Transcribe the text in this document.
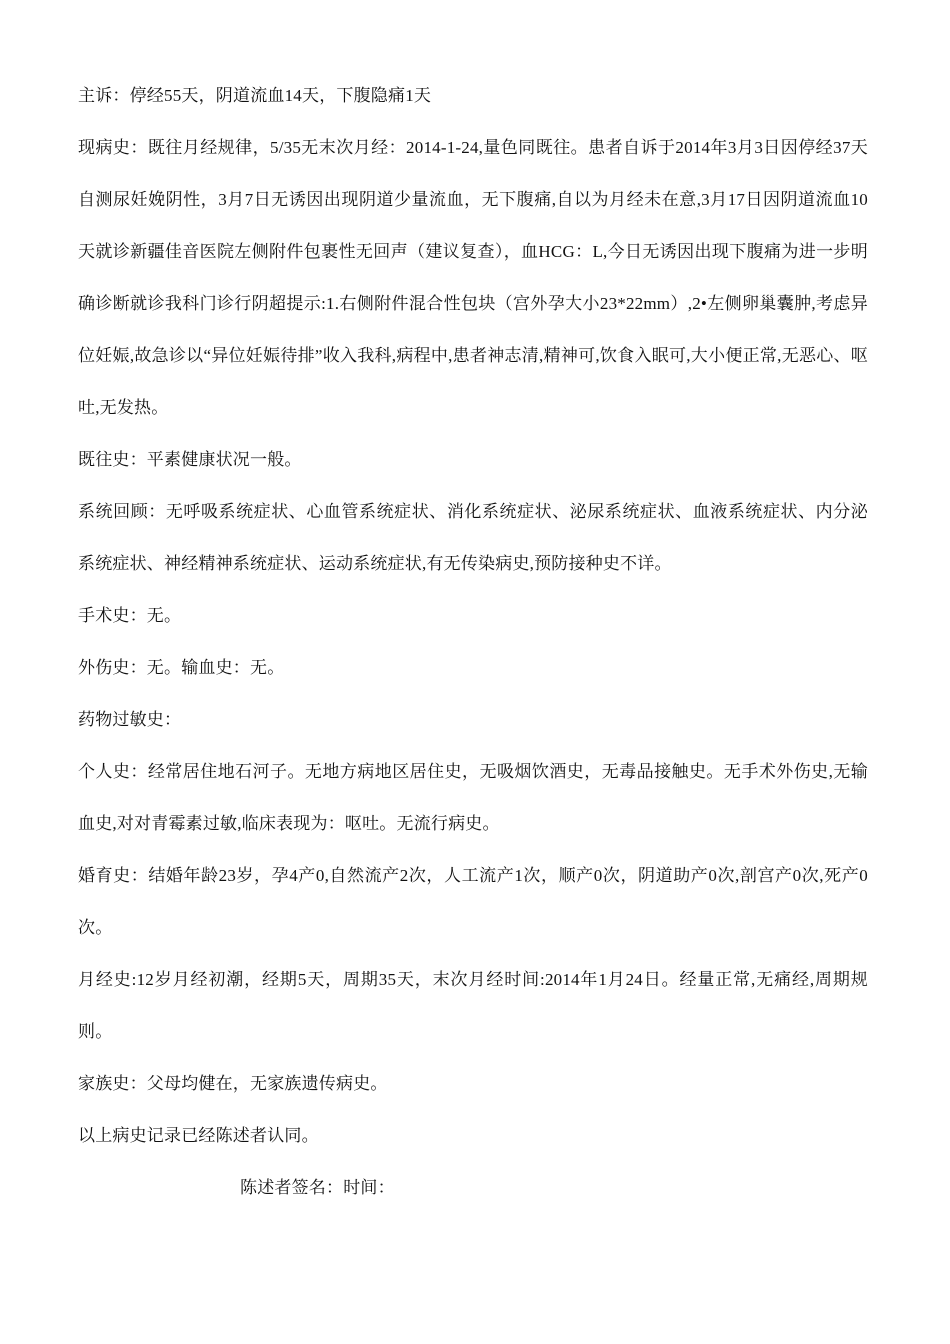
主诉：停经55天，阴道流血14天，下腹隐痛1天

现病史：既往月经规律，5/35无末次月经：2014-1-24,量色同既往。患者自诉于2014年3月3日因停经37天自测尿妊娩阴性，3月7日无诱因出现阴道少量流血，无下腹痛,自以为月经未在意,3月17日因阴道流血10天就诊新疆佳音医院左侧附件包裹性无回声（建议复查），血HCG：L,今日无诱因出现下腹痛为进一步明确诊断就诊我科门诊行阴超提示:1.右侧附件混合性包块（宫外孕大小23*22mm）,2•左侧卵巢囊肿,考虑异位妊娠,故急诊以“异位妊娠待排”收入我科,病程中,患者神志清,精神可,饮食入眠可,大小便正常,无恶心、呕吐,无发热。

既往史：平素健康状况一般。

系统回顾：无呼吸系统症状、心血管系统症状、消化系统症状、泌尿系统症状、血液系统症状、内分泌系统症状、神经精神系统症状、运动系统症状,有无传染病史,预防接种史不详。

手术史：无。

外伤史：无。输血史：无。

药物过敏史：

个人史：经常居住地石河子。无地方病地区居住史，无吸烟饮酒史，无毒品接触史。无手术外伤史,无输血史,对对青霉素过敏,临床表现为：呕吐。无流行病史。

婚育史：结婚年龄23岁，孕4产0,自然流产2次，人工流产1次，顺产0次，阴道助产0次,剖宫产0次,死产0次。

月经史:12岁月经初潮，经期5天，周期35天，末次月经时间:2014年1月24日。经量正常,无痛经,周期规则。

家族史：父母均健在，无家族遗传病史。

以上病史记录已经陈述者认同。

陈述者签名：时间：
